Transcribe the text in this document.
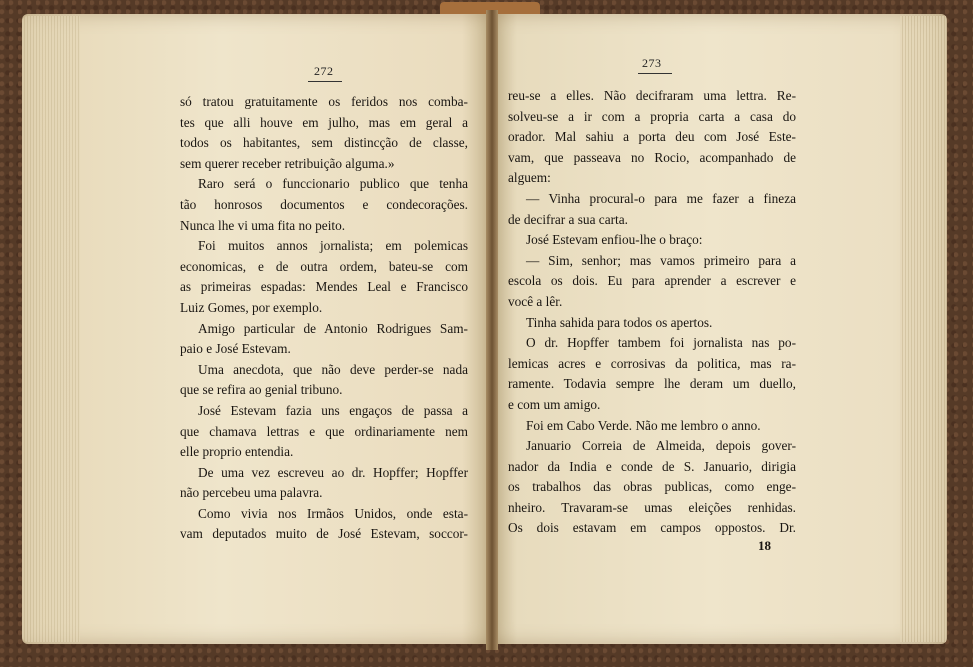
272
273
só tratou gratuitamente os feridos nos comba-
tes que alli houve em julho, mas em geral a
todos os habitantes, sem distincção de classe,
sem querer receber retribuição alguma.»
Raro será o funccionario publico que tenha
tão honrosos documentos e condecorações.
Nunca lhe vi uma fita no peito.
Foi muitos annos jornalista; em polemicas
economicas, e de outra ordem, bateu-se com
as primeiras espadas: Mendes Leal e Francisco
Luiz Gomes, por exemplo.
Amigo particular de Antonio Rodrigues Sam-
paio e José Estevam.
Uma anecdota, que não deve perder-se nada
que se refira ao genial tribuno.
José Estevam fazia uns engaços de passa a
que chamava lettras e que ordinariamente nem
elle proprio entendia.
De uma vez escreveu ao dr. Hopffer; Hopffer
não percebeu uma palavra.
Como vivia nos Irmãos Unidos, onde esta-
vam deputados muito de José Estevam, soccor-
reu-se a elles. Não decifraram uma lettra. Re-
solveu-se a ir com a propria carta a casa do
orador. Mal sahiu a porta deu com José Este-
vam, que passeava no Rocio, acompanhado de
alguem:
— Vinha procural-o para me fazer a fineza
de decifrar a sua carta.
José Estevam enfiou-lhe o braço:
— Sim, senhor; mas vamos primeiro para a
escola os dois. Eu para aprender a escrever e
você a lêr.
Tinha sahida para todos os apertos.
O dr. Hopffer tambem foi jornalista nas po-
lemicas acres e corrosivas da politica, mas ra-
ramente. Todavia sempre lhe deram um duello,
e com um amigo.
Foi em Cabo Verde. Não me lembro o anno.
Januario Correia de Almeida, depois gover-
nador da India e conde de S. Januario, dirigia
os trabalhos das obras publicas, como enge-
nheiro. Travaram-se umas eleições renhidas.
Os dois estavam em campos oppostos. Dr.
18
